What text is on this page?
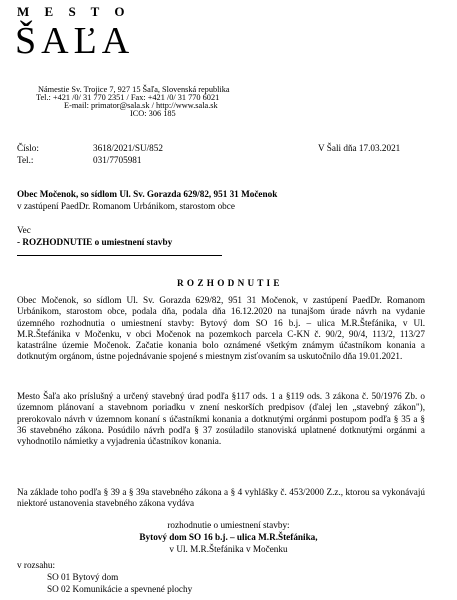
M E S T O
ŠAĽA
Námestie Sv. Trojice 7, 927 15 Šaľa, Slovenská republika
Tel.: +421 /0/ 31 770 2351 / Fax: +421 /0/ 31 770 6021
E-mail: primator@sala.sk / http://www.sala.sk
ICO: 306 185
Číslo:	3618/2021/SU/852	V Šali dňa 17.03.2021
Tel.:	031/7705981
Obec Močenok, so sídlom Ul. Sv. Gorazda 629/82, 951 31 Močenok
v zastúpení PaedDr. Romanom Urbánikom, starostom obce
Vec
- ROZHODNUTIE o umiestnení stavby
R O Z H O D N U T I E

Obec Močenok, so sídlom Ul. Sv. Gorazda 629/82, 951 31 Močenok, v zastúpení PaedDr. Romanom Urbánikom, starostom obce, podala dňa, podala dňa 16.12.2020 na tunajšom úrade návrh na vydanie územného rozhodnutia o umiestnení stavby: Bytový dom SO 16 b.j. – ulica M.R.Štefánika, v Ul. M.R.Štefánika v Močenku, v obci Močenok na pozemkoch parcela C-KN č. 90/2, 90/4, 113/2, 113/27 katastrálne územie Močenok. Začatie konania bolo oznámené všetkým známym účastníkom konania a dotknutým orgánom, ústne pojednávanie spojené s miestnym zisťovaním sa uskutočnilo dňa 19.01.2021.

Mesto Šaľa ako príslušný a určený stavebný úrad podľa §117 ods. 1 a §119 ods. 3 zákona č. 50/1976 Zb. o územnom plánovaní a stavebnom poriadku v znení neskorších predpisov (ďalej len „stavebný zákon"), prerokovalo návrh v územnom konaní s účastníkmi konania a dotknutými orgánmi postupom podľa § 35 a § 36 stavebného zákona. Posúdilo návrh podľa § 37 zosúladilo stanoviská uplatnené dotknutými orgánmi a vyhodnotilo námietky a vyjadrenia účastníkov konania.

Na základe toho podľa § 39 a § 39a stavebného zákona a § 4 vyhlášky č. 453/2000 Z.z., ktorou sa vykonávajú niektoré ustanovenia stavebného zákona vydáva

rozhodnutie o umiestnení stavby:
Bytový dom SO 16 b.j. – ulica M.R.Štefánika,
v Ul. M.R.Štefánika v Močenku
v rozsahu:
SO 01 Bytový dom
SO 02 Komunikácie a spevnené plochy
